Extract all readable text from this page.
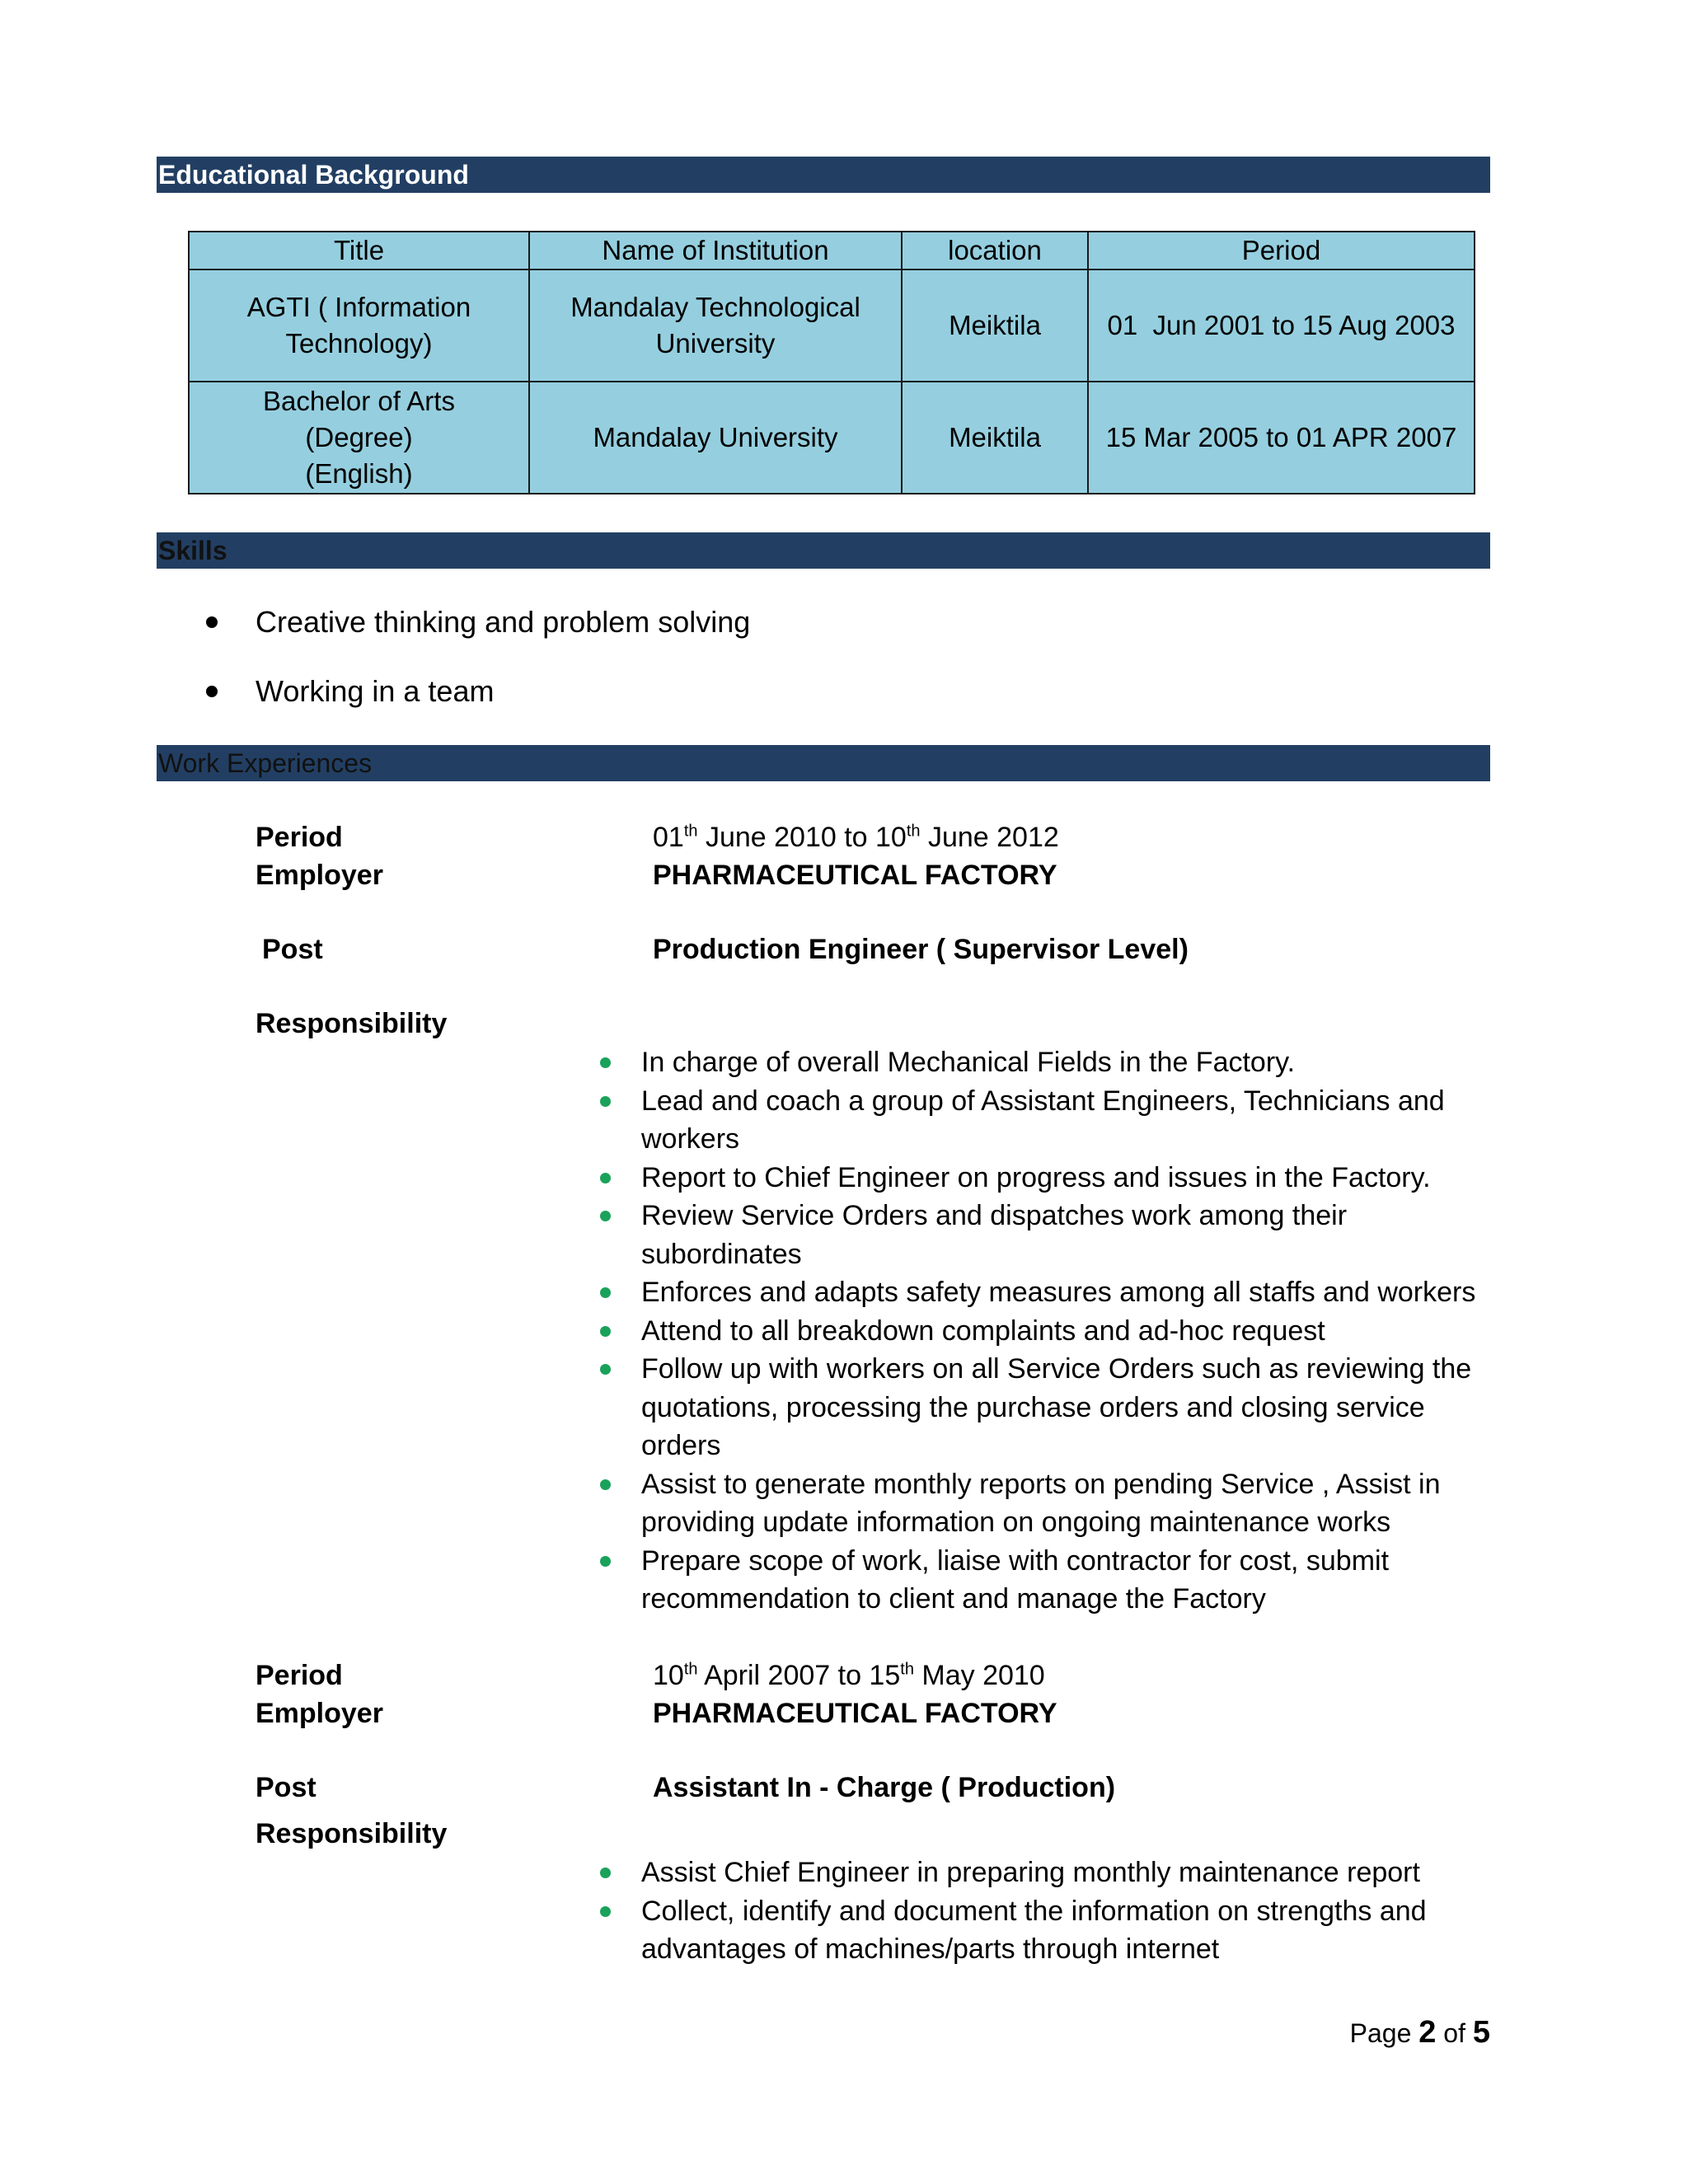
Educational Background
Title	Name of Institution	location	Period

AGTI ( Information
Technology)	Mandalay Technological University	Meiktila	01  Jun 2001 to 15 Aug 2003

Bachelor of Arts
(Degree)
(English)	Mandalay University	Meiktila	15 Mar 2005 to 01 APR 2007
Skills
Creative thinking and problem solving
Working in a team
Work Experiences
Period	01th June 2010 to 10th June 2012
Employer	PHARMACEUTICAL FACTORY
Post	Production Engineer ( Supervisor Level)
Responsibility
In charge of overall Mechanical Fields in the Factory.
Lead and coach a group of Assistant Engineers, Technicians and workers
Report to Chief Engineer on progress and issues in the Factory.
Review Service Orders and dispatches work among their subordinates
Enforces and adapts safety measures among all staffs and workers
Attend to all breakdown complaints and ad-hoc request
Follow up with workers on all Service Orders such as reviewing the quotations, processing the purchase orders and closing service orders
Assist to generate monthly reports on pending Service , Assist in providing update information on ongoing maintenance works
Prepare scope of work, liaise with contractor for cost, submit recommendation to client and manage the Factory
Period	10th April 2007 to 15th May 2010
Employer	PHARMACEUTICAL FACTORY
Post	Assistant In - Charge ( Production)
Responsibility
Assist Chief Engineer in preparing monthly maintenance report
Collect, identify and document the information on strengths and advantages of machines/parts through internet
Page 2 of 5
